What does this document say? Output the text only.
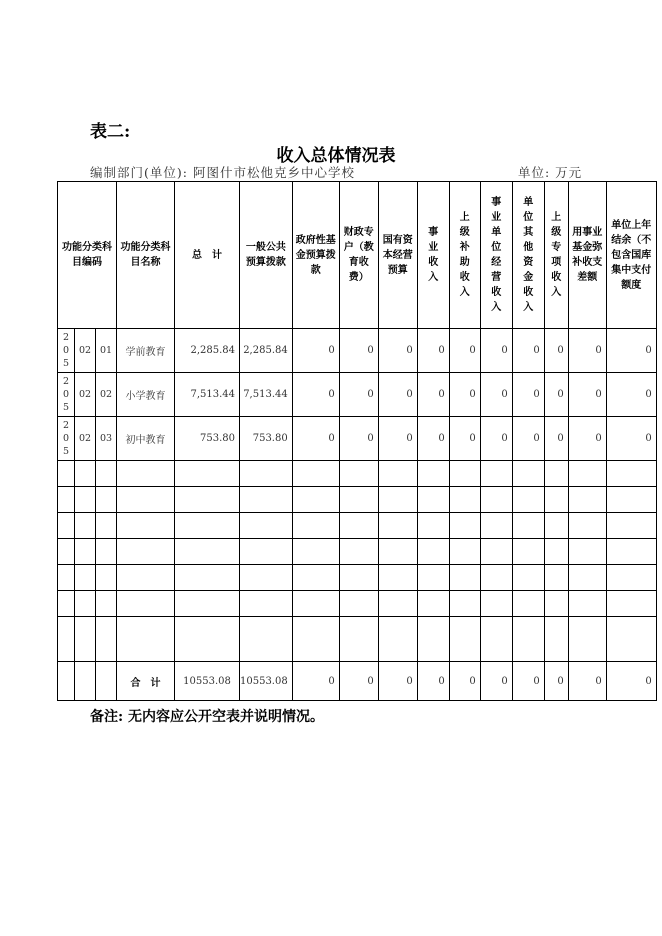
表二:
收入总体情况表
编制部门(单位): 阿图什市松他克乡中心学校	单位: 万元
功能分类科目编码			功能分类科目名称	总　计	一般公共预算拨款	政府性基金预算拨款	财政专户（教育收费）	国有资本经营预算	事业收入	上级补助收入	事业单位经营收入	单位其他资金收入	上级专项收入	用事业基金弥补收支差额	单位上年结余（不包含国库集中支付额度
205	02	01	学前教育	2,285.84	2,285.84	0	0	0	0	0	0	0	0	0	0
205	02	02	小学教育	7,513.44	7,513.44	0	0	0	0	0	0	0	0	0	0
205	02	03	初中教育	753.80	753.80	0	0	0	0	0	0	0	0	0	0

			合　计	10553.08	10553.08	0	0	0	0	0	0	0	0	0	0
备注: 无内容应公开空表并说明情况。
